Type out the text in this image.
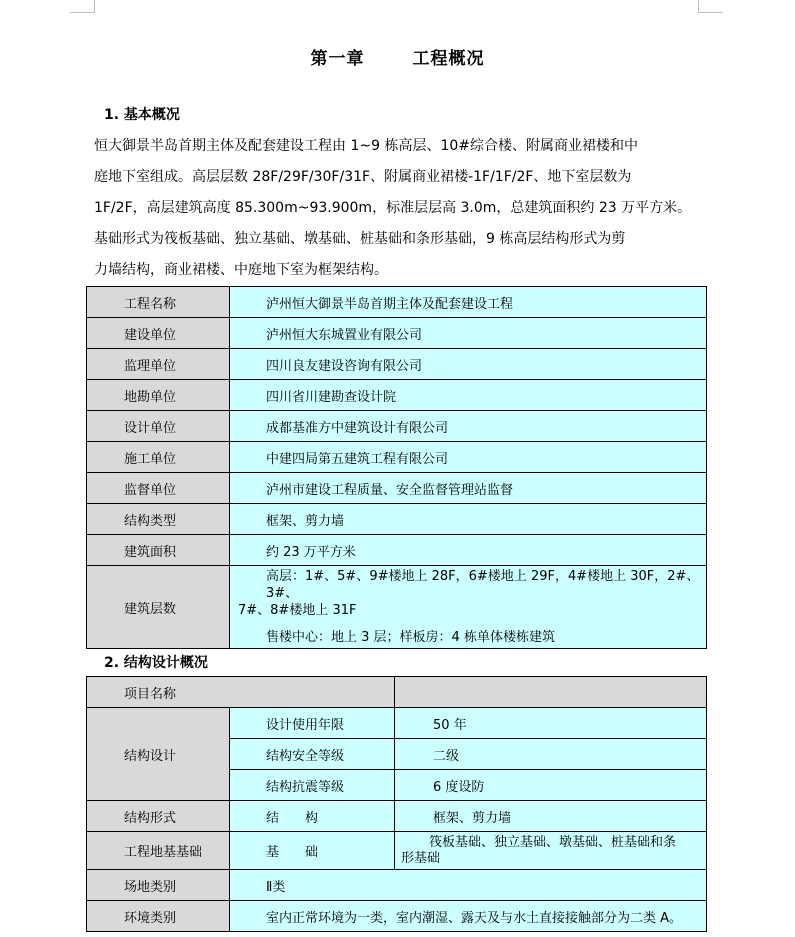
第一章	工程概况
1. 基本概况

恒大御景半岛首期主体及配套建设工程由 1~9 栋高层、10#综合楼、附属商业裙楼和中

庭地下室组成。高层层数 28F/29F/30F/31F、附属商业裙楼-1F/1F/2F、地下室层数为

1F/2F，高层建筑高度 85.300m~93.900m，标准层层高 3.0m，总建筑面积约 23 万平方米。

基础形式为筏板基础、独立基础、墩基础、桩基础和条形基础，9 栋高层结构形式为剪

力墙结构，商业裙楼、中庭地下室为框架结构。

工程名称	泸州恒大御景半岛首期主体及配套建设工程
建设单位	泸州恒大东城置业有限公司
监理单位	四川良友建设咨询有限公司
地勘单位	四川省川建勘查设计院
设计单位	成都基准方中建筑设计有限公司
施工单位	中建四局第五建筑工程有限公司
监督单位	泸州市建设工程质量、安全监督管理站监督
结构类型	框架、剪力墙
建筑面积	约 23 万平方米
建筑层数	高层：1#、5#、9#楼地上 28F，6#楼地上 29F，4#楼地上 30F，2#、3#、
7#、8#楼地上 31F
售楼中心：地上 3 层；样板房：4 栋单体楼栋建筑
2. 结构设计概况
项目名称		
结构设计	设计使用年限	50 年
	结构安全等级	二级
	结构抗震等级	6 度设防
结构形式	结　　构	框架、剪力墙
工程地基基础	基　　础	筏板基础、独立基础、墩基础、桩基础和条
形基础

场地类别	Ⅱ类	
环境类别	室内正常环境为一类，室内潮湿、露天及与水土直接接触部分为二类 A。	
